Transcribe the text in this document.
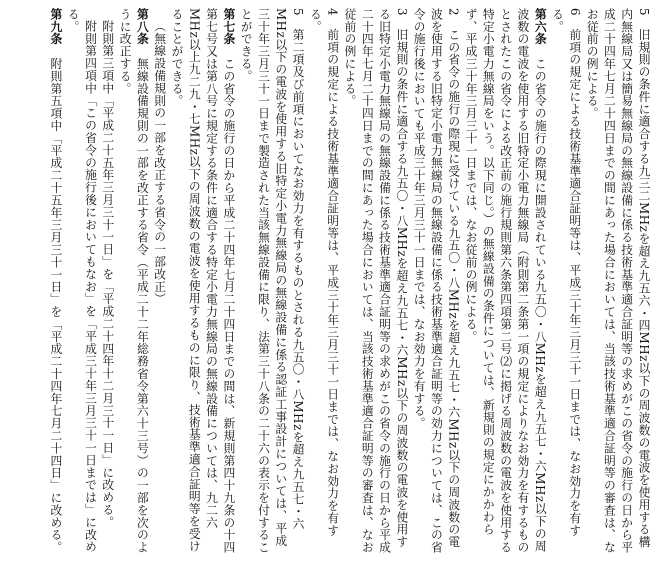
5　旧規則の条件に適合する九三二MHzを超え九五六・四MHz以下の周波数の電波を使用する構内無線局又は簡易無線局の無線設備に係る技術基準適合証明等の求めがこの省令の施行の日から平成二十四年七月二十四日までの間にあった場合においては、当該技術基準適合証明等の審査は、なお従前の例による。

6　前項の規定による技術基準適合証明等は、平成三十年三月三十一日までは、なお効力を有する。

第六条　この省令の施行の際現に開設されている九五〇・八MHzを超え九五七・六MHz以下の周波数の電波を使用する旧特定小電力無線局（附則第二条第一項の規定によりなお効力を有するものとされたこの省令による改正前の施行規則第六条第四項第二号⑵に掲げる周波数の電波を使用する特定小電力無線局をいう。以下同じ。）の無線設備の条件については、新規則の規定にかかわらず、平成三十年三月三十一日までは、なお従前の例による。

2　この省令の施行の際現に受けている九五〇・八MHzを超え九五七・六MHz以下の周波数の電波を使用する旧特定小電力無線局の無線設備に係る技術基準適合証明等の効力については、この省令の施行後においても平成三十年三月三十一日までは、なお効力を有する。

3　旧規則の条件に適合する九五〇・八MHzを超え九五七・六MHz以下の周波数の電波を使用する旧特定小電力無線局の無線設備に係る技術基準適合証明等の求めがこの省令の施行の日から平成二十四年七月二十四日までの間にあった場合においては、当該技術基準適合証明等の審査は、なお従前の例による。

4　前項の規定による技術基準適合証明等は、平成三十年三月三十一日までは、なお効力を有する。

5　第二項及び前項においてなお効力を有するものとされる九五〇・八MHzを超え九五七・六MHz以下の電波を使用する旧特定小電力無線局の無線設備に係る認証工事設計については、平成三十年三月三十一日まで製造された当該無線設備に限り、法第三十八条の二十六の表示を付することができる。

第七条　この省令の施行の日から平成二十四年七月二十四日までの間は、新規則第四十九条の十四第七号又は第八号に規定する条件に適合する特定小電力無線局の無線設備については、九二六MHz以上九二九・七MHz以下の周波数の電波を使用するものに限り、技術基準適合証明等を受けることができる。

（無線設備規則の一部を改正する省令の一部改正）

第八条　無線設備規則の一部を改正する省令（平成二十二年総務省令第六十三号）の一部を次のように改正する。

附則第三項中「平成二十五年三月三十一日」を「平成二十四年十二月三十一日」に改める。

附則第四項中「この省令の施行後においてもなお」を「平成三十年三月三十一日までは」に改める。

第九条　附則第五項中「平成二十五年三月三十一日」を「平成二十四年七月二十四日」に改める。
